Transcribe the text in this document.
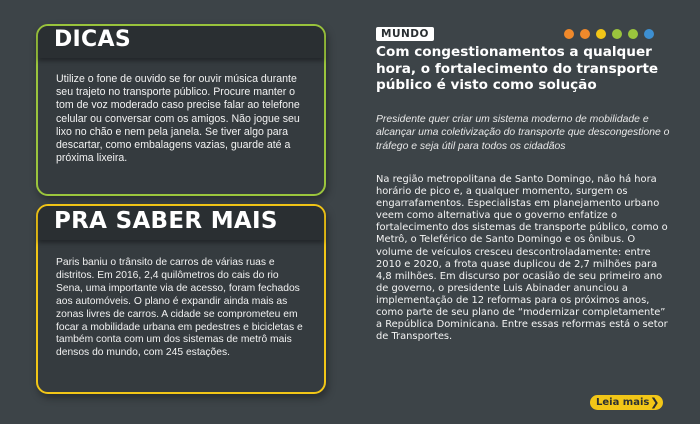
DICAS

Utilize o fone de ouvido se for ouvir música durante seu trajeto no transporte público. Procure manter o tom de voz moderado caso precise falar ao telefone celular ou conversar com os amigos. Não jogue seu lixo no chão e nem pela janela. Se tiver algo para descartar, como embalagens vazias, guarde até a próxima lixeira.

PRA SABER MAIS

Paris baniu o trânsito de carros de várias ruas e distritos. Em 2016, 2,4 quilômetros do cais do rio Sena, uma importante via de acesso, foram fechados aos automóveis. O plano é expandir ainda mais as zonas livres de carros. A cidade se comprometeu em focar a mobilidade urbana em pedestres e bicicletas e também conta com um dos sistemas de metrô mais densos do mundo, com 245 estações.

MUNDO
Com congestionamentos a qualquer hora, o fortalecimento do transporte público é visto como solução

Presidente quer criar um sistema moderno de mobilidade e alcançar uma coletivização do transporte que descongestione o tráfego e seja útil para todos os cidadãos

Na região metropolitana de Santo Domingo, não há hora horário de pico e, a qualquer momento, surgem os engarrafamentos. Especialistas em planejamento urbano veem como alternativa que o governo enfatize o fortalecimento dos sistemas de transporte público, como o Metrô, o Teleférico de Santo Domingo e os ônibus. O volume de veículos cresceu descontroladamente: entre 2010 e 2020, a frota quase duplicou de 2,7 milhões para 4,8 milhões. Em discurso por ocasião de seu primeiro ano de governo, o presidente Luis Abinader anunciou a implementação de 12 reformas para os próximos anos, como parte de seu plano de “modernizar completamente” a República Dominicana. Entre essas reformas está o setor de Transportes.

Leia mais ❯
